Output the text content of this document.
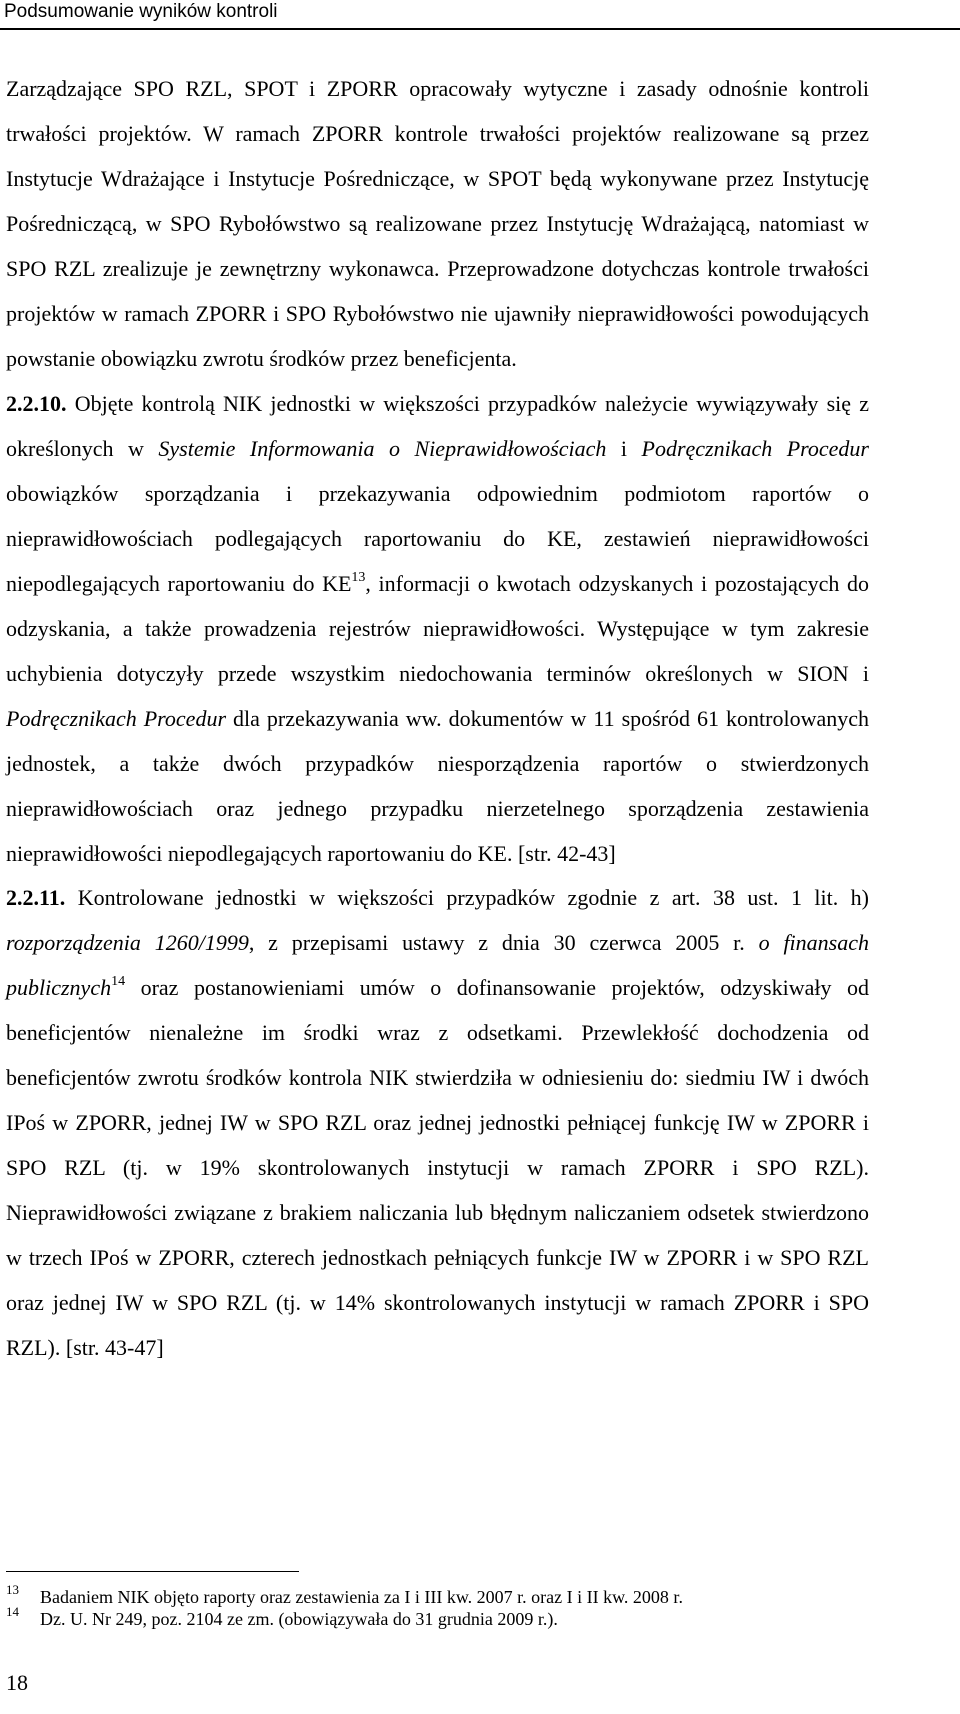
Podsumowanie wyników kontroli

Zarządzające SPO RZL, SPOT i ZPORR opracowały wytyczne i zasady odnośnie kontroli trwałości projektów. W ramach ZPORR kontrole trwałości projektów realizowane są przez Instytucje Wdrażające i Instytucje Pośredniczące, w SPOT będą wykonywane przez Instytucję Pośredniczącą, w SPO Rybołówstwo są realizowane przez Instytucję Wdrażającą, natomiast w SPO RZL zrealizuje je zewnętrzny wykonawca. Przeprowadzone dotychczas kontrole trwałości projektów w ramach ZPORR i SPO Rybołówstwo nie ujawniły nieprawidłowości powodujących powstanie obowiązku zwrotu środków przez beneficjenta.

2.2.10. Objęte kontrolą NIK jednostki w większości przypadków należycie wywiązywały się z określonych w Systemie Informowania o Nieprawidłowościach i Podręcznikach Procedur obowiązków sporządzania i przekazywania odpowiednim podmiotom raportów o nieprawidłowościach podlegających raportowaniu do KE, zestawień nieprawidłowości niepodlegających raportowaniu do KE$^{13}$, informacji o kwotach odzyskanych i pozostających do odzyskania, a także prowadzenia rejestrów nieprawidłowości. Występujące w tym zakresie uchybienia dotyczyły przede wszystkim niedochowania terminów określonych w SION i Podręcznikach Procedur dla przekazywania ww. dokumentów w 11 spośród 61 kontrolowanych jednostek, a także dwóch przypadków niesporządzenia raportów o stwierdzonych nieprawidłowościach oraz jednego przypadku nierzetelnego sporządzenia zestawienia nieprawidłowości niepodlegających raportowaniu do KE. [str. 42-43]

2.2.11. Kontrolowane jednostki w większości przypadków zgodnie z art. 38 ust. 1 lit. h) rozporządzenia 1260/1999, z przepisami ustawy z dnia 30 czerwca 2005 r. o finansach publicznych$^{14}$ oraz postanowieniami umów o dofinansowanie projektów, odzyskiwały od beneficjentów nienależne im środki wraz z odsetkami. Przewlekłość dochodzenia od beneficjentów zwrotu środków kontrola NIK stwierdziła w odniesieniu do: siedmiu IW i dwóch IPoś w ZPORR, jednej IW w SPO RZL oraz jednej jednostki pełniącej funkcję IW w ZPORR i SPO RZL (tj. w 19% skontrolowanych instytucji w ramach ZPORR i SPO RZL). Nieprawidłowości związane z brakiem naliczania lub błędnym naliczaniem odsetek stwierdzono w trzech IPoś w ZPORR, czterech jednostkach pełniących funkcje IW w ZPORR i w SPO RZL oraz jednej IW w SPO RZL (tj. w 14% skontrolowanych instytucji w ramach ZPORR i SPO RZL). [str. 43-47]

13 Badaniem NIK objęto raporty oraz zestawienia za I i III kw. 2007 r. oraz I i II kw. 2008 r.
14 Dz. U. Nr 249, poz. 2104 ze zm. (obowiązywała do 31 grudnia 2009 r.).
18
